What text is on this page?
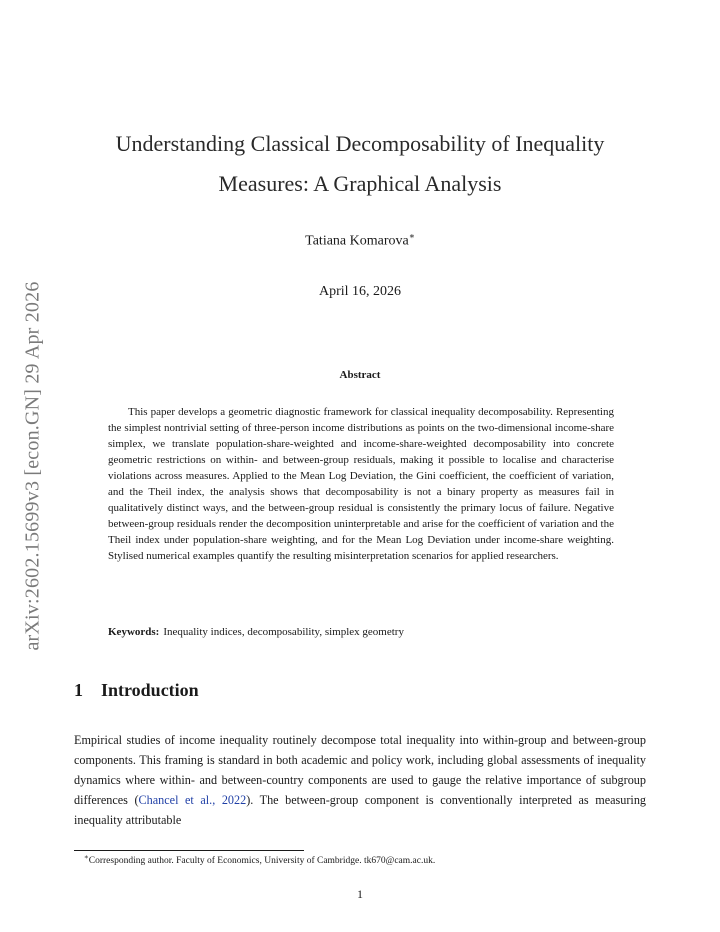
arXiv:2602.15699v3 [econ.GN] 29 Apr 2026
Understanding Classical Decomposability of Inequality
Measures: A Graphical Analysis
Tatiana Komarova∗
April 16, 2026
Abstract

This paper develops a geometric diagnostic framework for classical inequality decomposability. Representing the simplest nontrivial setting of three-person income distributions as points on the two-dimensional income-share simplex, we translate population-share-weighted and income-share-weighted decomposability into concrete geometric restrictions on within- and between-group residuals, making it possible to localise and characterise violations across measures. Applied to the Mean Log Deviation, the Gini coefficient, the coefficient of variation, and the Theil index, the analysis shows that decomposability is not a binary property as measures fail in qualitatively distinct ways, and the between-group residual is consistently the primary locus of failure. Negative between-group residuals render the decomposition uninterpretable and arise for the coefficient of variation and the Theil index under population-share weighting, and for the Mean Log Deviation under income-share weighting. Stylised numerical examples quantify the resulting misinterpretation scenarios for applied researchers.

Keywords: Inequality indices, decomposability, simplex geometry
1 Introduction

Empirical studies of income inequality routinely decompose total inequality into within-group and between-group components. This framing is standard in both academic and policy work, including global assessments of inequality dynamics where within- and between-country components are used to gauge the relative importance of subgroup differences (Chancel et al., 2022). The between-group component is conventionally interpreted as measuring inequality attributable

∗Corresponding author. Faculty of Economics, University of Cambridge. tk670@cam.ac.uk.
1
